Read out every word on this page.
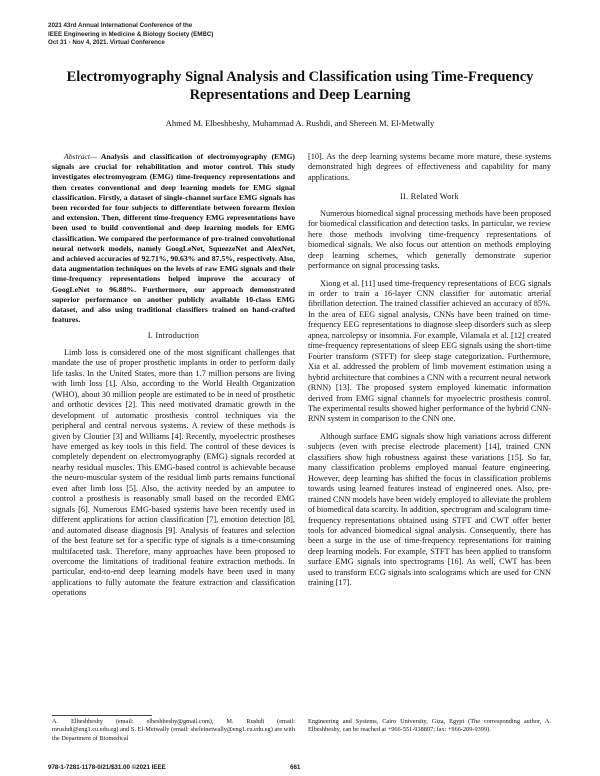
2021 43rd Annual International Conference of the
IEEE Engineering in Medicine & Biology Society (EMBC)
Oct 31 - Nov 4, 2021. Virtual Conference
Electromyography Signal Analysis and Classification using Time-Frequency Representations and Deep Learning

Ahmed M. Elbeshbeshy, Muhammad A. Rushdi, and Shereen M. El-Metwally

Abstract— Analysis and classification of electromyography (EMG) signals are crucial for rehabilitation and motor control. This study investigates electromyogram (EMG) time-frequency representations and then creates conventional and deep learning models for EMG signal classification. Firstly, a dataset of single-channel surface EMG signals has been recorded for four subjects to differentiate between forearm flexion and extension. Then, different time-frequency EMG representations have been used to build conventional and deep learning models for EMG classification. We compared the performance of pre-trained convolutional neural network models, namely GoogLeNet, SqueezeNet and AlexNet, and achieved accuracies of 92.71%, 90.63% and 87.5%, respectively. Also, data augmentation techniques on the levels of raw EMG signals and their time-frequency representations helped improve the accuracy of GoogLeNet to 96.88%. Furthermore, our approach demonstrated superior performance on another publicly available 10-class EMG dataset, and also using traditional classifiers trained on hand-crafted features.

I. Introduction

Limb loss is considered one of the most significant challenges that mandate the use of proper prosthetic implants in order to perform daily life tasks. In the United States, more than 1.7 million persons are living with limb loss [1]. Also, according to the World Health Organization (WHO), about 30 million people are estimated to be in need of prosthetic and orthotic devices [2]. This need motivated dramatic growth in the development of automatic prosthesis control techniques via the peripheral and central nervous systems. A review of these methods is given by Cloutier [3] and Williams [4]. Recently, myoelectric prostheses have emerged as key tools in this field. The control of these devices is completely dependent on electromyography (EMG) signals recorded at nearby residual muscles. This EMG-based control is achievable because the neuro-muscular system of the residual limb parts remains functional even after limb loss [5]. Also, the activity needed by an amputee to control a prosthesis is reasonably small based on the recorded EMG signals [6]. Numerous EMG-based systems have been recently used in different applications for action classification [7], emotion detection [8], and automated disease diagnosis [9]. Analysis of features and selection of the best feature set for a specific type of signals is a time-consuming multifaceted task. Therefore, many approaches have been proposed to overcome the limitations of traditional feature extraction methods. In particular, end-to-end deep learning models have been used in many applications to fully automate the feature extraction and classification operations

[10]. As the deep learning systems became more mature, these systems demonstrated high degrees of effectiveness and capability for many applications.

II. Related Work

Numerous biomedical signal processing methods have been proposed for biomedical classification and detection tasks. In particular, we review here those methods involving time-frequency representations of biomedical signals. We also focus our attention on methods employing deep learning schemes, which generally demonstrate superior performance on signal processing tasks.

Xiong et al. [11] used time-frequency representations of ECG signals in order to train a 16-layer CNN classifier for automatic arterial fibrillation detection. The trained classifier achieved an accuracy of 85%. In the area of EEG signal analysis, CNNs have been trained on time-frequency EEG representations to diagnose sleep disorders such as sleep apnea, narcolepsy or insomnia. For example, Vilamala et al. [12] created time-frequency representations of sleep EEG signals using the short-time Fourier transform (STFT) for sleep stage categorization. Furthermore, Xia et al. addressed the problem of limb movement estimation using a hybrid architecture that combines a CNN with a recurrent neural network (RNN) [13]. The proposed system employed kinematic information derived from EMG signal channels for myoelectric prosthesis control. The experimental results showed higher performance of the hybrid CNN-RNN system in comparison to the CNN one.

Although surface EMG signals show high variations across different subjects (even with precise electrode placement) [14], trained CNN classifiers show high robustness against these variations [15]. So far, many classification problems employed manual feature engineering. However, deep learning has shifted the focus in classification problems towards using learned features instead of engineered ones. Also, pre-trained CNN models have been widely employed to alleviate the problem of biomedical data scarcity. In addition, spectrogram and scalogram time-frequency representations obtained using STFT and CWT offer better tools for advanced biomedical signal analysis. Consequently, there has been a surge in the use of time-frequency representations for training deep learning models. For example, STFT has been applied to transform surface EMG signals into spectrograms [16]. As well, CWT has been used to transform ECG signals into scalograms which are used for CNN training [17].

A. Elbeshbeshy (email: elbeshbeshy@gmail.com), M. Rushdi (email: mrushdi@eng1.cu.edu.eg) and S. El-Metwally (email: sheleinetwally@eng1.cu.edu.eg) are with the Department of Biomedical

Engineering and Systems, Cairo University, Giza, Egypt (The corresponding author, A. Elbeshbeshy, can be reached at +966-551-938807; fax: +966-209-9399).

978-1-7281-1178-0/21/$31.00 ©2021 IEEE	661
